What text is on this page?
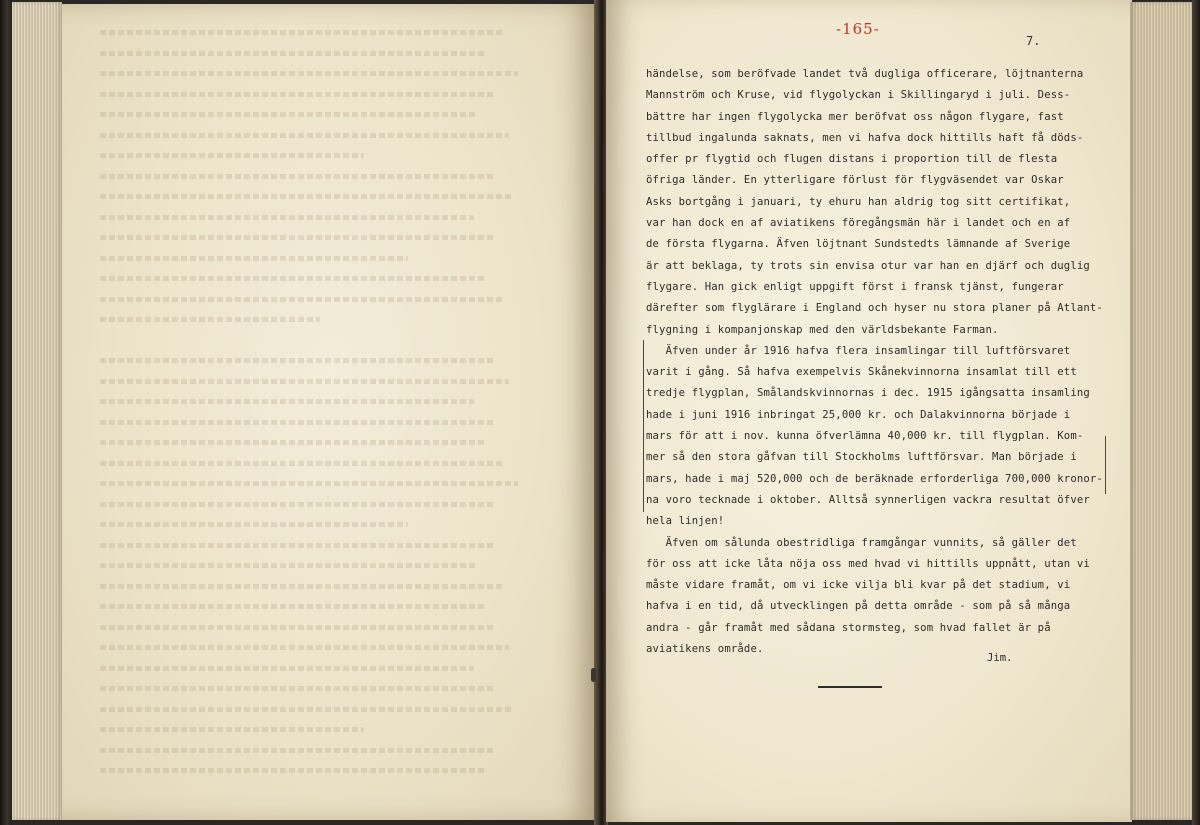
-165-
7.
händelse, som beröfvade landet två dugliga officerare, löjtnanterna
Mannström och Kruse, vid flygolyckan i Skillingaryd i juli. Dess-
bättre har ingen flygolycka mer beröfvat oss någon flygare, fast
tillbud ingalunda saknats, men vi hafva dock hittills haft få döds-
offer pr flygtid och flugen distans i proportion till de flesta
öfriga länder. En ytterligare förlust för flygväsendet var Oskar
Asks bortgång i januari, ty ehuru han aldrig tog sitt certifikat,
var han dock en af aviatikens föregångsmän här i landet och en af
de första flygarna. Äfven löjtnant Sundstedts lämnande af Sverige
är att beklaga, ty trots sin envisa otur var han en djärf och duglig
flygare. Han gick enligt uppgift först i fransk tjänst, fungerar
därefter som flyglärare i England och hyser nu stora planer på Atlant-
flygning i kompanjonskap med den världsbekante Farman.
Äfven under år 1916 hafva flera insamlingar till luftförsvaret
varit i gång. Så hafva exempelvis Skånekvinnorna insamlat till ett
tredje flygplan, Smålandskvinnornas i dec. 1915 igångsatta insamling
hade i juni 1916 inbringat 25,000 kr. och Dalakvinnorna började i
mars för att i nov. kunna öfverlämna 40,000 kr. till flygplan. Kom-
mer så den stora gåfvan till Stockholms luftförsvar. Man började i
mars, hade i maj 520,000 och de beräknade erforderliga 700,000 kronor-
na voro tecknade i oktober. Alltså synnerligen vackra resultat öfver
hela linjen!
Äfven om sålunda obestridliga framgångar vunnits, så gäller det
för oss att icke låta nöja oss med hvad vi hittills uppnått, utan vi
måste vidare framåt, om vi icke vilja bli kvar på det stadium, vi
hafva i en tid, då utvecklingen på detta område - som på så många
andra - går framåt med sådana stormsteg, som hvad fallet är på
aviatikens område.
Jim.
